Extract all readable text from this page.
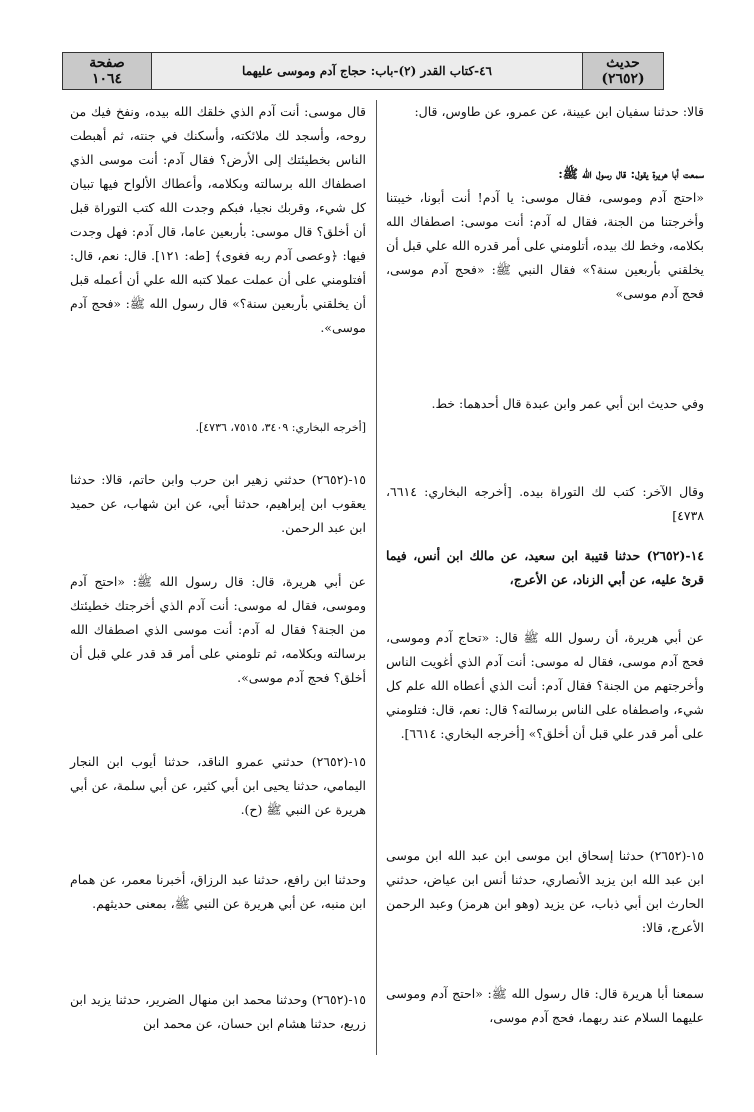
حديث
(٢٦٥٢)
٤٦-كتاب القدر (٢)-باب: حجاج آدم وموسى عليهما
صفحة
١٠٦٤

قالا: حدثنا سفيان ابن عيينة، عن عمرو، عن طاوس، قال:

سمعت أبا هريرة يقول: قال رسول الله ﷺ:

«احتج آدم وموسى، فقال موسى: يا آدم! أنت أبونا، خيبتنا وأخرجتنا من الجنة، فقال له آدم: أنت موسى: اصطفاك الله بكلامه، وخط لك بيده، أتلومني على أمر قدره الله علي قبل أن يخلقني بأربعين سنة؟» فقال النبي ﷺ: «فحج آدم موسى، فحج آدم موسى»

وفي حديث ابن أبي عمر وابن عبدة قال أحدهما: خط.

وقال الآخر: كتب لك التوراة بيده. [أخرجه البخاري: ٦٦١٤، ٤٧٣٨]

١٤-(٢٦٥٢) حدثنا قتيبة ابن سعيد، عن مالك ابن أنس، فيما قرئ عليه، عن أبي الزناد، عن الأعرج،

عن أبي هريرة، أن رسول الله ﷺ قال: «تحاج آدم وموسى، فحج آدم موسى، فقال له موسى: أنت آدم الذي أغويت الناس وأخرجتهم من الجنة؟ فقال آدم: أنت الذي أعطاه الله علم كل شيء، واصطفاه على الناس برسالته؟ قال: نعم، قال: فتلومني على أمر قدر علي قبل أن أخلق؟» [أخرجه البخاري: ٦٦١٤].

١٥-(٢٦٥٢) حدثنا إسحاق ابن موسى ابن عبد الله ابن موسى ابن عبد الله ابن يزيد الأنصاري، حدثنا أنس ابن عياض، حدثني الحارث ابن أبي ذباب، عن يزيد (وهو ابن هرمز) وعبد الرحمن الأعرج، قالا:

سمعنا أبا هريرة قال: قال رسول الله ﷺ: «احتج آدم وموسى عليهما السلام عند ربهما، فحج آدم موسى،

قال موسى: أنت آدم الذي خلقك الله بيده، ونفخ فيك من روحه، وأسجد لك ملائكته، وأسكنك في جنته، ثم أهبطت الناس بخطيئتك إلى الأرض؟ فقال آدم: أنت موسى الذي اصطفاك الله برسالته وبكلامه، وأعطاك الألواح فيها تبيان كل شيء، وقربك نجيا، فبكم وجدت الله كتب التوراة قبل أن أخلق؟ قال موسى: بأربعين عاما، قال آدم: فهل وجدت فيها: ﴿وعصى آدم ربه فغوى﴾ [طه: ١٢١]. قال: نعم، قال: أفتلومني على أن عملت عملا كتبه الله علي أن أعمله قبل أن يخلقني بأربعين سنة؟» قال رسول الله ﷺ: «فحج آدم موسى».

[أخرجه البخاري: ٣٤٠٩، ٧٥١٥، ٤٧٣٦].

١٥-(٢٦٥٢) حدثني زهير ابن حرب وابن حاتم، قالا: حدثنا يعقوب ابن إبراهيم، حدثنا أبي، عن ابن شهاب، عن حميد ابن عبد الرحمن.

عن أبي هريرة، قال: قال رسول الله ﷺ: «احتج آدم وموسى، فقال له موسى: أنت آدم الذي أخرجتك خطيئتك من الجنة؟ فقال له آدم: أنت موسى الذي اصطفاك الله برسالته وبكلامه، ثم تلومني على أمر قد قدر علي قبل أن أخلق؟ فحج آدم موسى».

١٥-(٢٦٥٢) حدثني عمرو الناقد، حدثنا أيوب ابن النجار اليمامي، حدثنا يحيى ابن أبي كثير، عن أبي سلمة، عن أبي هريرة عن النبي ﷺ (ح).

وحدثنا ابن رافع، حدثنا عبد الرزاق، أخبرنا معمر، عن همام ابن منبه، عن أبي هريرة عن النبي ﷺ، بمعنى حديثهم.

١٥-(٢٦٥٢) وحدثنا محمد ابن منهال الضرير، حدثنا يزيد ابن زريع، حدثنا هشام ابن حسان، عن محمد ابن
